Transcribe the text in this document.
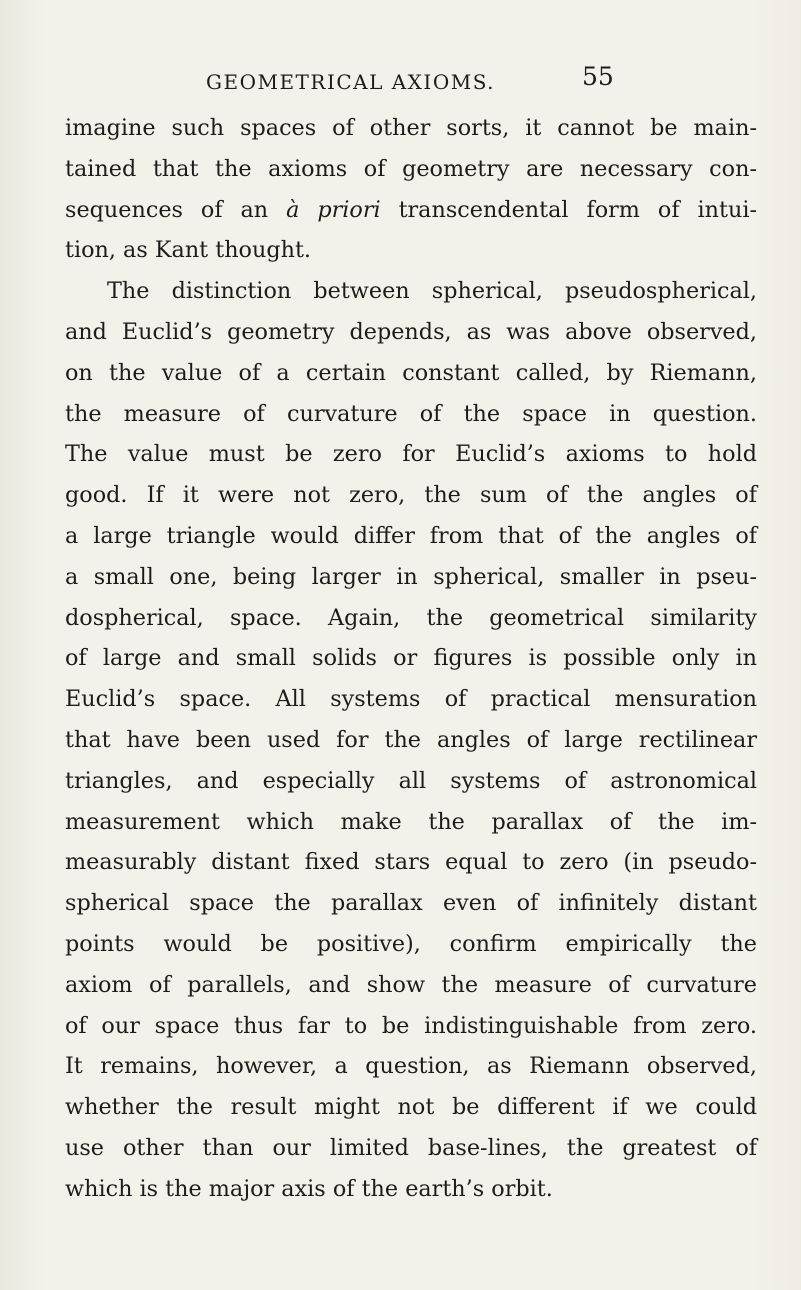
GEOMETRICAL AXIOMS.	55
imagine such spaces of other sorts, it cannot be main-
tained that the axioms of geometry are necessary con-
sequences of an à priori transcendental form of intui-
tion, as Kant thought.
The distinction between spherical, pseudospherical,
and Euclid’s geometry depends, as was above observed,
on the value of a certain constant called, by Riemann,
the measure of curvature of the space in question.
The value must be zero for Euclid’s axioms to hold
good. If it were not zero, the sum of the angles of
a large triangle would differ from that of the angles of
a small one, being larger in spherical, smaller in pseu-
dospherical, space. Again, the geometrical similarity
of large and small solids or figures is possible only in
Euclid’s space. All systems of practical mensuration
that have been used for the angles of large rectilinear
triangles, and especially all systems of astronomical
measurement which make the parallax of the im-
measurably distant fixed stars equal to zero (in pseudo-
spherical space the parallax even of infinitely distant
points would be positive), confirm empirically the
axiom of parallels, and show the measure of curvature
of our space thus far to be indistinguishable from zero.
It remains, however, a question, as Riemann observed,
whether the result might not be different if we could
use other than our limited base-lines, the greatest of
which is the major axis of the earth’s orbit.
